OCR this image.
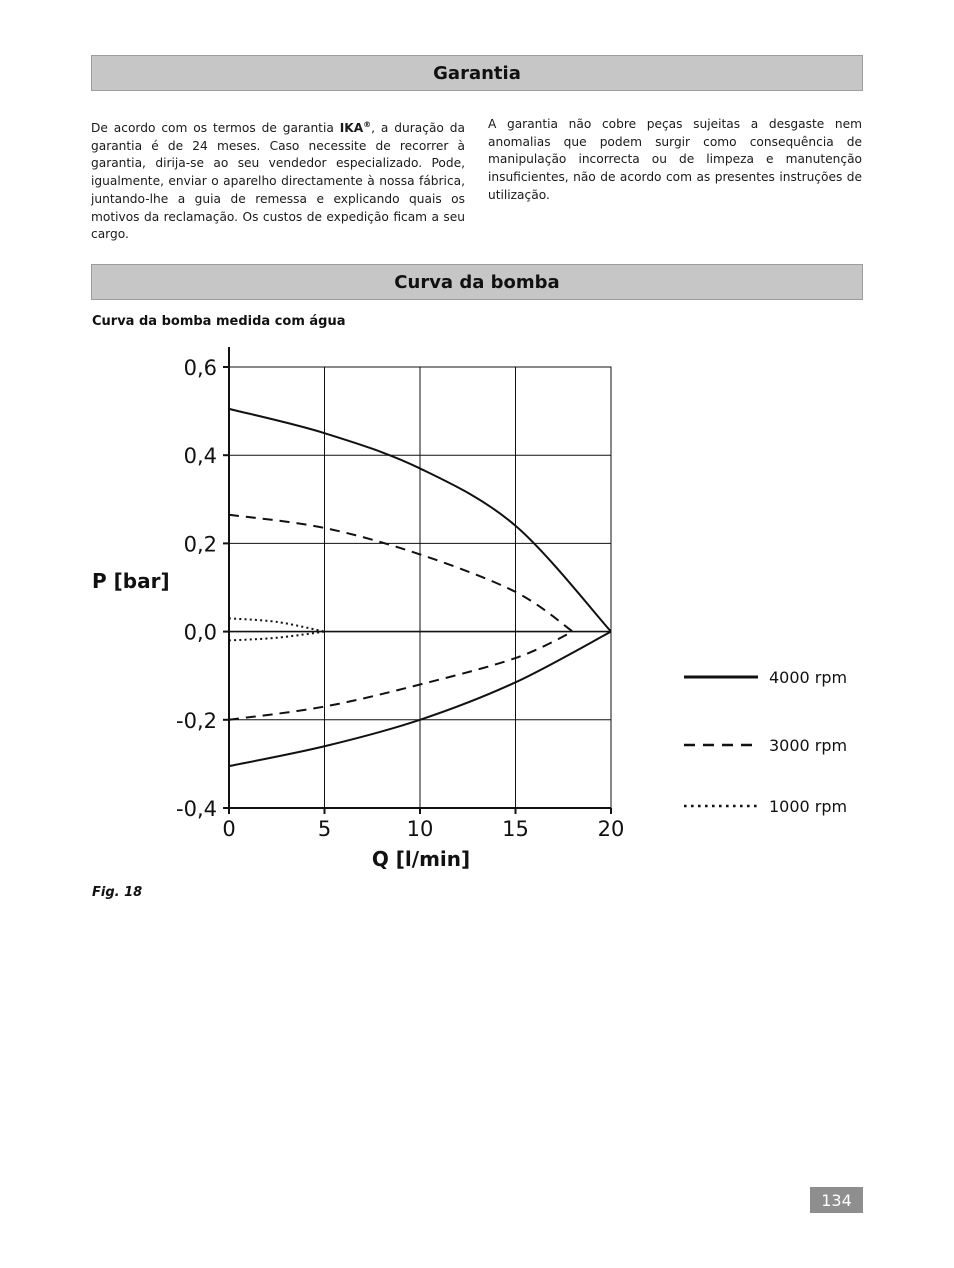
Garantia
De acordo com os termos de garantia IKA®, a duração da garantia é de 24 meses. Caso necessite de recorrer à garantia, dirija-se ao seu vendedor especializado. Pode, igualmente, enviar o aparelho directamente à nossa fábrica, juntando-lhe a guia de remessa e explicando quais os motivos da reclamação. Os custos de expedição ficam a seu cargo.
A garantia não cobre peças sujeitas a desgaste nem anomalias que podem surgir como consequência de manipulação incorrecta ou de limpeza e manutenção insuficientes, não de acordo com as presentes instruções de utilização.
Curva da bomba
Curva da bomba medida com água
0,6
0,4
0,2
0,0
-0,2
-0,4
0	5	10	15	20
P [bar]
Q [l/min]
4000 rpm
3000 rpm
1000 rpm
Fig. 18
134
